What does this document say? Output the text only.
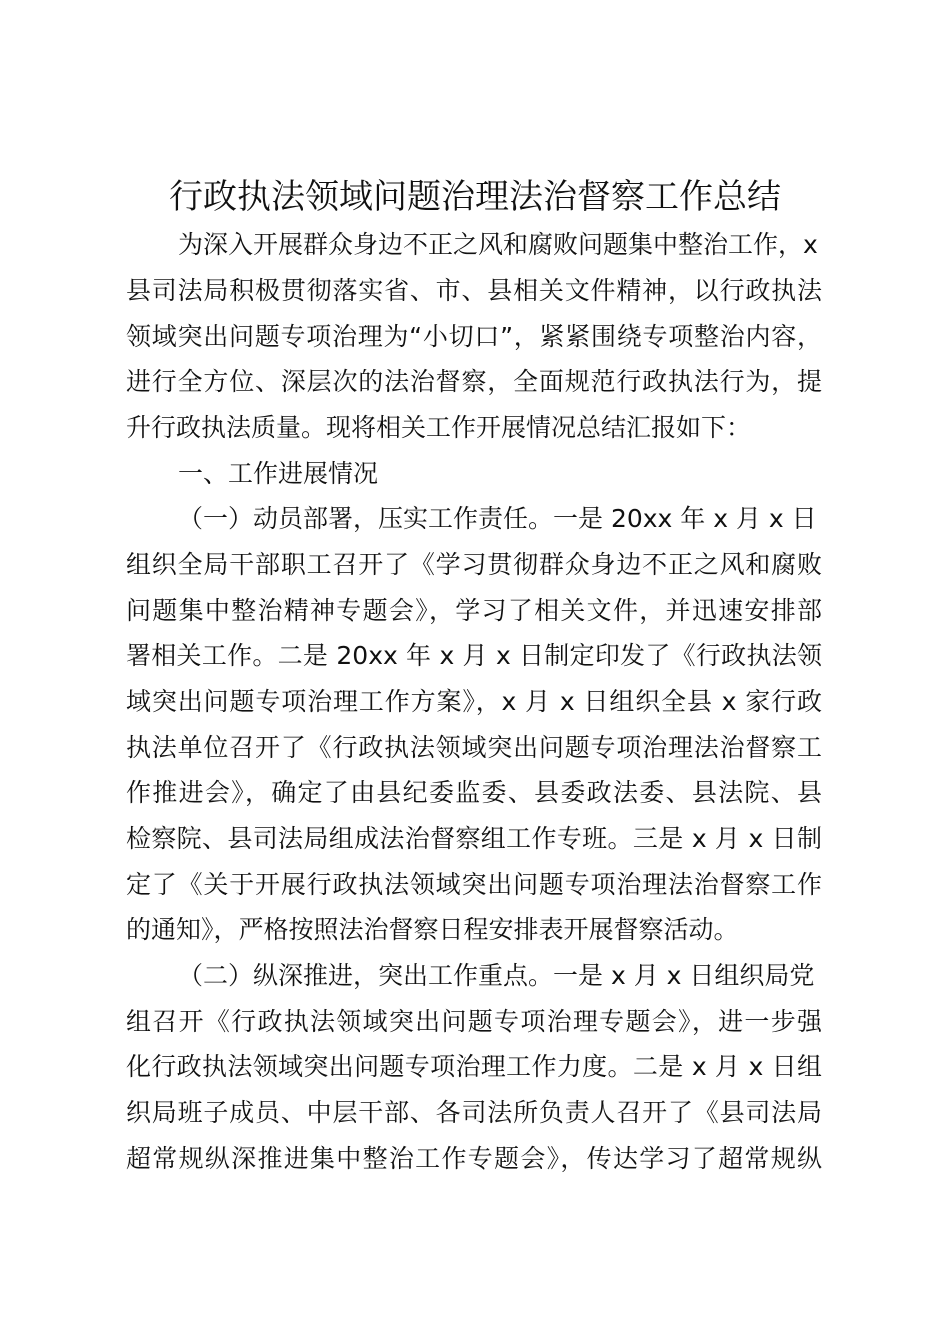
行政执法领域问题治理法治督察工作总结

为深入开展群众身边不正之风和腐败问题集中整治工作，x

县司法局积极贯彻落实省、市、县相关文件精神，以行政执法

领域突出问题专项治理为“小切口”，紧紧围绕专项整治内容，

进行全方位、深层次的法治督察，全面规范行政执法行为，提

升行政执法质量。现将相关工作开展情况总结汇报如下：

一、工作进展情况

（一）动员部署，压实工作责任。一是 20xx 年 x 月 x 日

组织全局干部职工召开了《学习贯彻群众身边不正之风和腐败

问题集中整治精神专题会》，学习了相关文件，并迅速安排部

署相关工作。二是 20xx 年 x 月 x 日制定印发了《行政执法领

域突出问题专项治理工作方案》，x 月 x 日组织全县 x 家行政

执法单位召开了《行政执法领域突出问题专项治理法治督察工

作推进会》，确定了由县纪委监委、县委政法委、县法院、县

检察院、县司法局组成法治督察组工作专班。三是 x 月 x 日制

定了《关于开展行政执法领域突出问题专项治理法治督察工作

的通知》，严格按照法治督察日程安排表开展督察活动。

（二）纵深推进，突出工作重点。一是 x 月 x 日组织局党

组召开《行政执法领域突出问题专项治理专题会》，进一步强

化行政执法领域突出问题专项治理工作力度。二是 x 月 x 日组

织局班子成员、中层干部、各司法所负责人召开了《县司法局

超常规纵深推进集中整治工作专题会》，传达学习了超常规纵
